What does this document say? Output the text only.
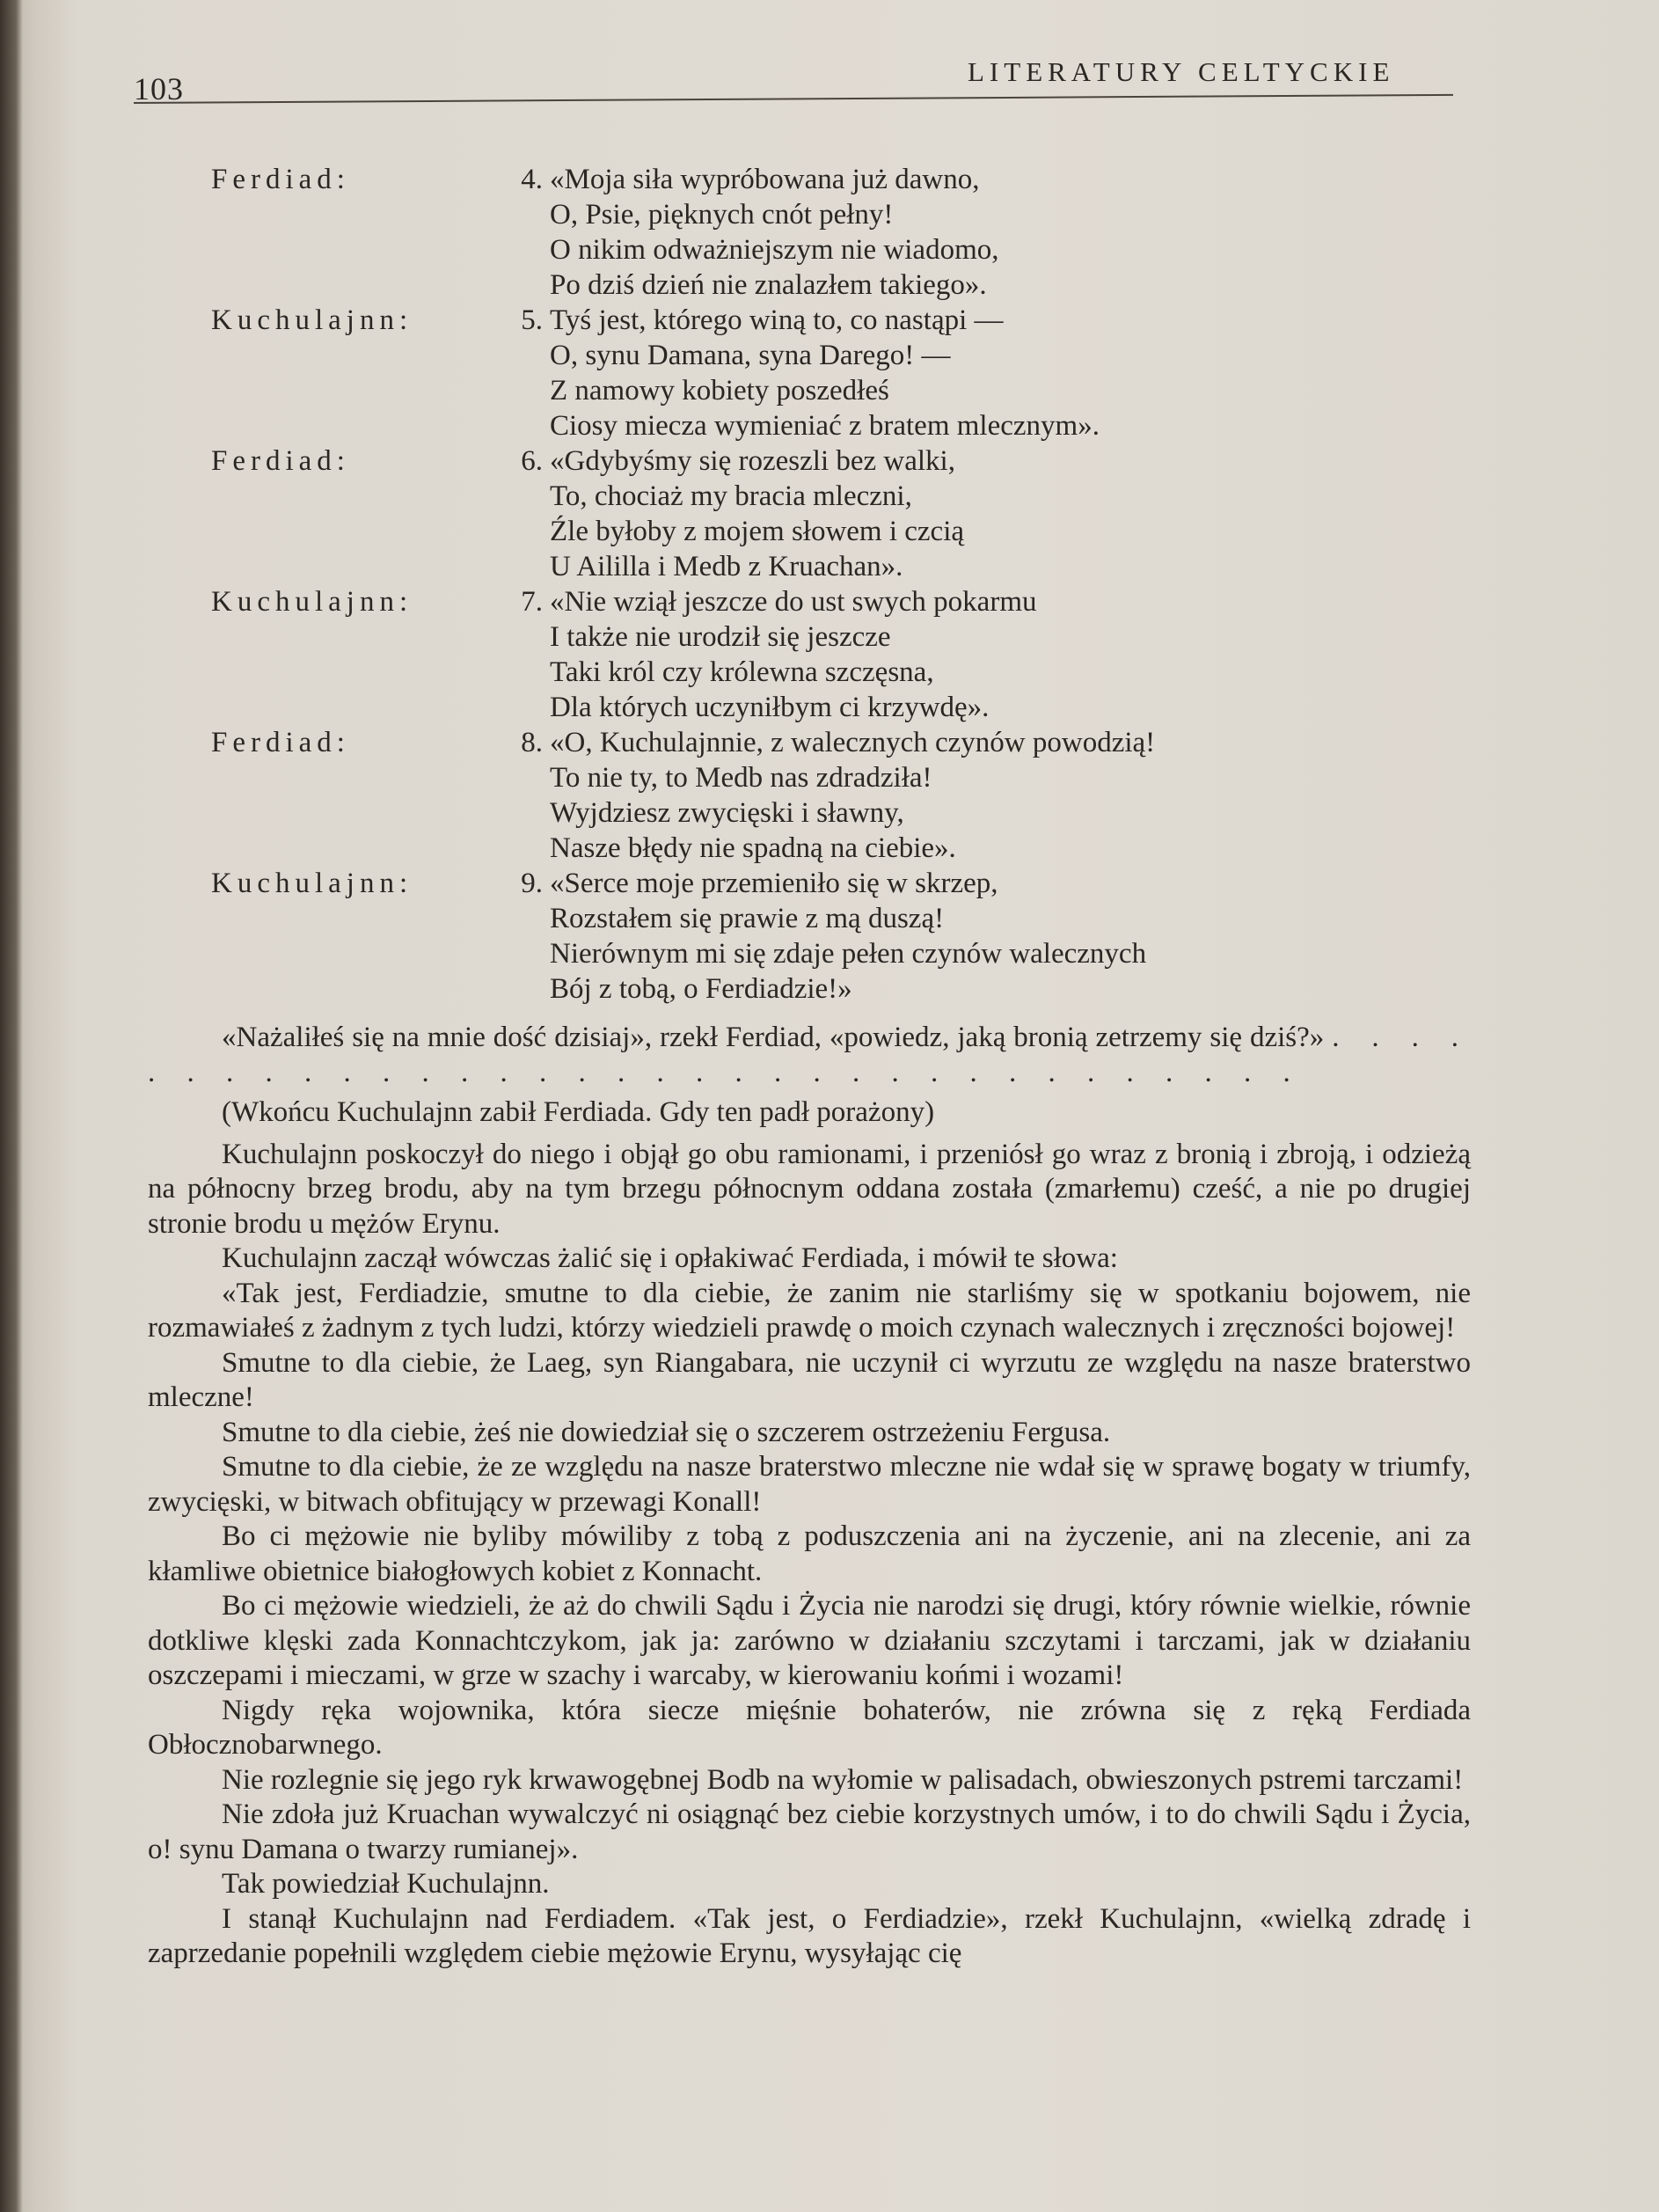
103	LITERATURY CELTYCKIE
Ferdiad:	4. «Moja siła wypróbowana już dawno,
O, Psie, pięknych cnót pełny!
O nikim odważniejszym nie wiadomo,
Po dziś dzień nie znalazłem takiego».
Kuchulajnn:	5. Tyś jest, którego winą to, co nastąpi —
O, synu Damana, syna Darego! —
Z namowy kobiety poszedłeś
Ciosy miecza wymieniać z bratem mlecznym».
Ferdiad:	6. «Gdybyśmy się rozeszli bez walki,
To, chociaż my bracia mleczni,
Źle byłoby z mojem słowem i czcią
U Aililla i Medb z Kruachan».
Kuchulajnn:	7. «Nie wziął jeszcze do ust swych pokarmu
I także nie urodził się jeszcze
Taki król czy królewna szczęsna,
Dla których uczyniłbym ci krzywdę».
Ferdiad:	8. «O, Kuchulajnnie, z walecznych czynów powodzią!
To nie ty, to Medb nas zdradziła!
Wyjdziesz zwycięski i sławny,
Nasze błędy nie spadną na ciebie».
Kuchulajnn:	9. «Serce moje przemieniło się w skrzep,
Rozstałem się prawie z mą duszą!
Nierównym mi się zdaje pełen czynów walecznych
Bój z tobą, o Ferdiadzie!»

«Nażaliłeś się na mnie dość dzisiaj», rzekł Ferdiad, «powiedz, jaką bronią zetrzemy się dziś?» . . . . . . . . . . . . . . . . . . . . . . . . . . . . . . . . . .

(Wkońcu Kuchulajnn zabił Ferdiada. Gdy ten padł porażony)

Kuchulajnn poskoczył do niego i objął go obu ramionami, i przeniósł go wraz z bronią i zbroją, i odzieżą na północny brzeg brodu, aby na tym brzegu północnym oddana została (zmarłemu) cześć, a nie po drugiej stronie brodu u mężów Erynu.

Kuchulajnn zaczął wówczas żalić się i opłakiwać Ferdiada, i mówił te słowa:

«Tak jest, Ferdiadzie, smutne to dla ciebie, że zanim nie starliśmy się w spotkaniu bojowem, nie rozmawiałeś z żadnym z tych ludzi, którzy wiedzieli prawdę o moich czynach walecznych i zręczności bojowej!

Smutne to dla ciebie, że Laeg, syn Riangabara, nie uczynił ci wyrzutu ze względu na nasze braterstwo mleczne!

Smutne to dla ciebie, żeś nie dowiedział się o szczerem ostrzeżeniu Fergusa.

Smutne to dla ciebie, że ze względu na nasze braterstwo mleczne nie wdał się w sprawę bogaty w triumfy, zwycięski, w bitwach obfitujący w przewagi Konall!

Bo ci mężowie nie byliby mówiliby z tobą z poduszczenia ani na życzenie, ani na zlecenie, ani za kłamliwe obietnice białogłowych kobiet z Konnacht.

Bo ci mężowie wiedzieli, że aż do chwili Sądu i Życia nie narodzi się drugi, który równie wielkie, równie dotkliwe klęski zada Konnachtczykom, jak ja: zarówno w działaniu szczytami i tarczami, jak w działaniu oszczepami i mieczami, w grze w szachy i warcaby, w kierowaniu końmi i wozami!

Nigdy ręka wojownika, która siecze mięśnie bohaterów, nie zrówna się z ręką Ferdiada Obłocznobarwnego.

Nie rozlegnie się jego ryk krwawogębnej Bodb na wyłomie w palisadach, obwieszonych pstremi tarczami!

Nie zdoła już Kruachan wywalczyć ni osiągnąć bez ciebie korzystnych umów, i to do chwili Sądu i Życia, o! synu Damana o twarzy rumianej».

Tak powiedział Kuchulajnn.

I stanął Kuchulajnn nad Ferdiadem. «Tak jest, o Ferdiadzie», rzekł Kuchulajnn, «wielką zdradę i zaprzedanie popełnili względem ciebie mężowie Erynu, wysyłając cię
